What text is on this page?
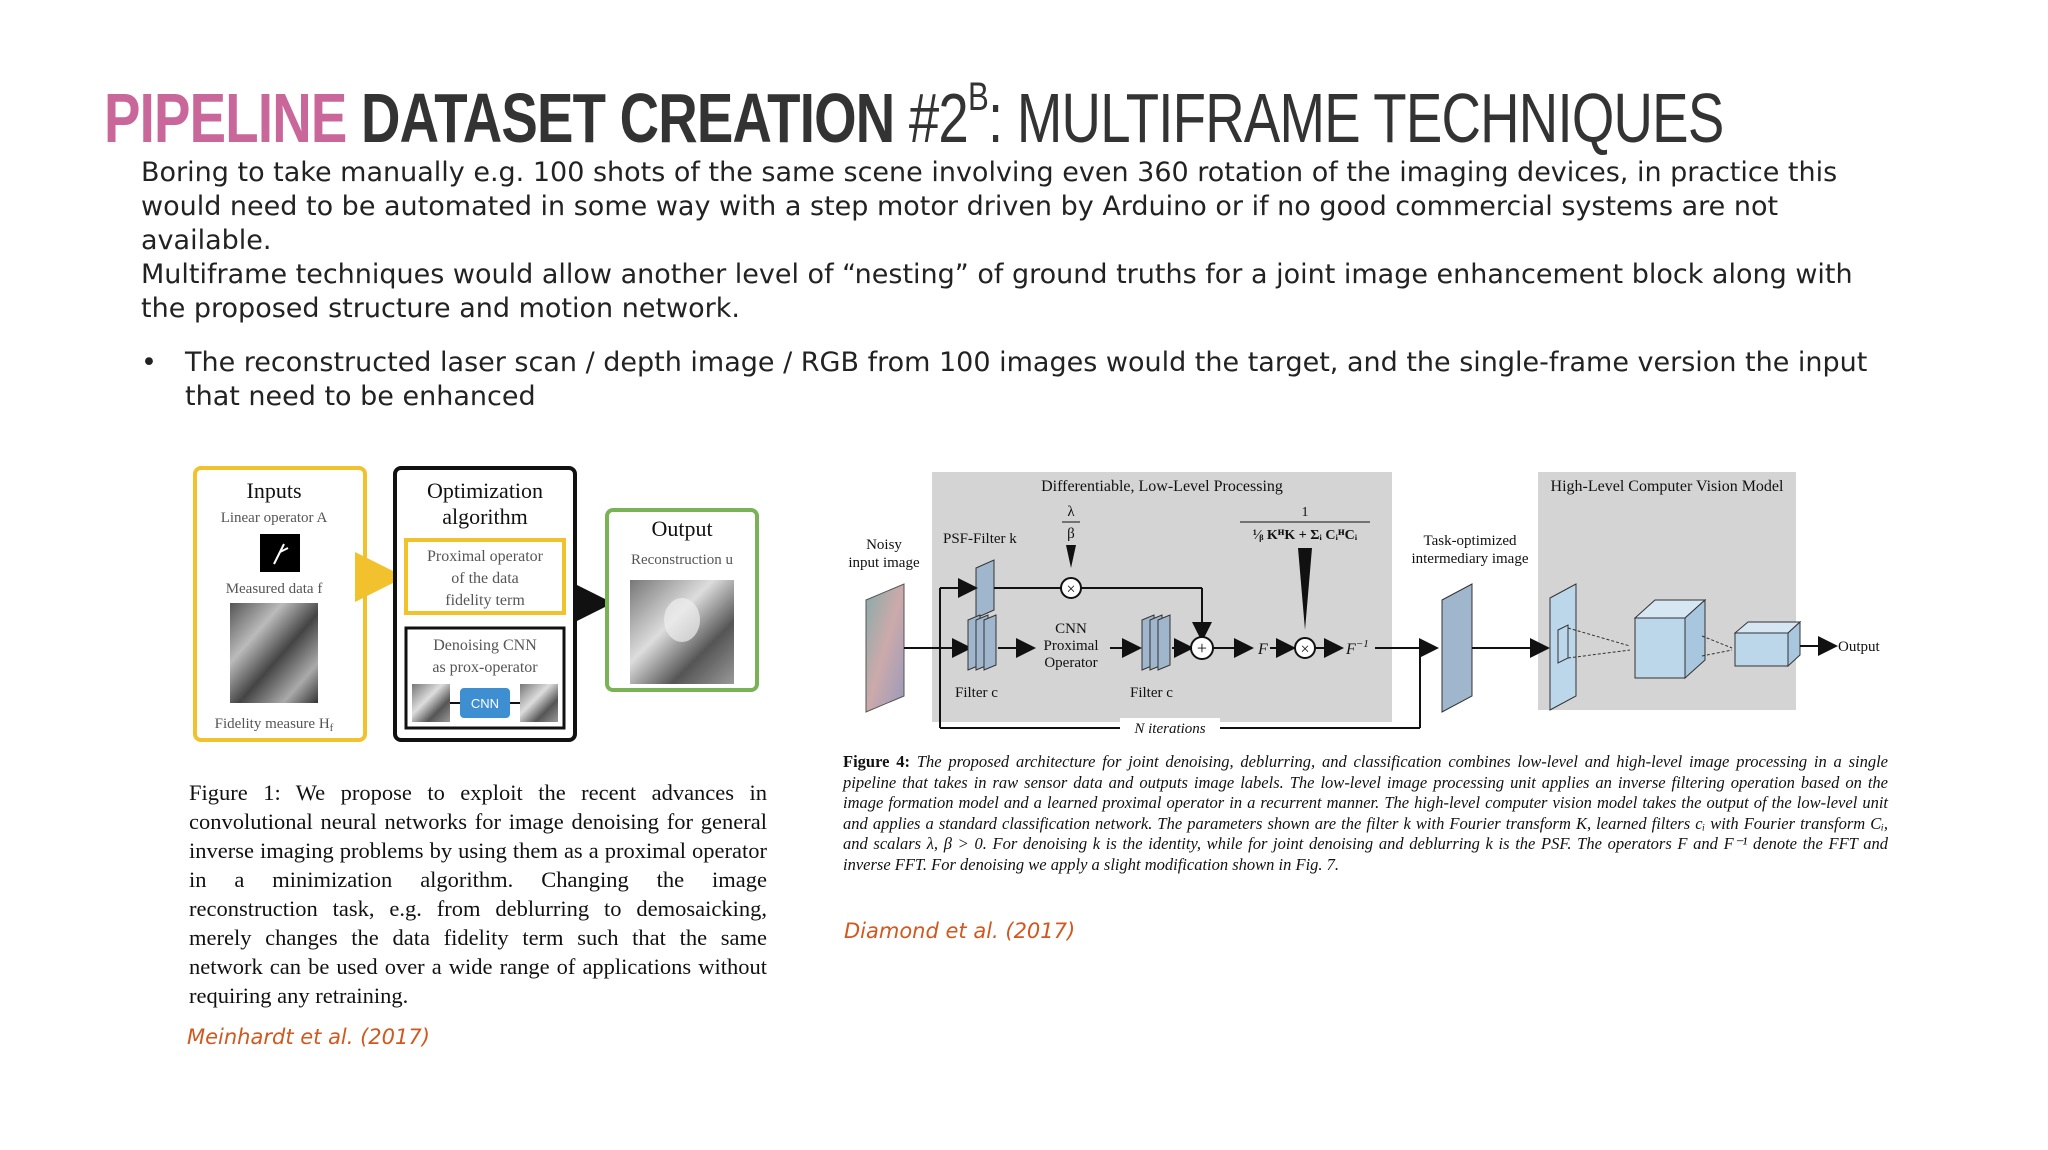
PIPELINE DATASET CREATION $\#2^B$: MULTIFRAME TECHNIQUES
Boring to take manually e.g. 100 shots of the same scene involving even 360 rotation of the imaging devices, in practice this would need to be automated in some way with a step motor driven by Arduino or if no good commercial systems are not available.
Multiframe techniques would allow another level of “nesting” of ground truths for a joint image enhancement block along with the proposed structure and motion network.
• The reconstructed laser scan / depth image / RGB from 100 images would the target, and the single-frame version the input that need to be enhanced
Inputs
Linear operator A
Measured data f
Fidelity measure $H_f$
Optimization
algorithm
Proximal operator
of the data
fidelity term
Denoising CNN
as prox-operator
CNN
Output
Reconstruction u
Figure 1: We propose to exploit the recent advances in convolutional neural networks for image denoising for general inverse imaging problems by using them as a proximal operator in a minimization algorithm. Changing the image reconstruction task, e.g. from deblurring to demosaicking, merely changes the data fidelity term such that the same network can be used over a wide range of applications without requiring any retraining.
Meinhardt et al. (2017)
Differentiable, Low-Level Processing	High-Level Computer Vision Model
Noisy
input image
PSF-Filter k
λ
β
×
Filter c
CNN
Proximal
Operator
Filter c
+	F
1
¹⁄ᵦ KᴴK + Σᵢ CᵢᴴCᵢ
× $F^{-1}$
N iterations
Task-optimized
intermediary image
Output
Figure 4: The proposed architecture for joint denoising, deblurring, and classification combines low-level and high-level image processing in a single pipeline that takes in raw sensor data and outputs image labels. The low-level image processing unit applies an inverse filtering operation based on the image formation model and a learned proximal operator in a recurrent manner. The high-level computer vision model takes the output of the low-level unit and applies a standard classification network. The parameters shown are the filter k with Fourier transform K, learned filters cᵢ with Fourier transform Cᵢ, and scalars λ, β > 0. For denoising k is the identity, while for joint denoising and deblurring k is the PSF. The operators F and F⁻¹ denote the FFT and inverse FFT. For denoising we apply a slight modification shown in Fig. 7.
Diamond et al. (2017)
